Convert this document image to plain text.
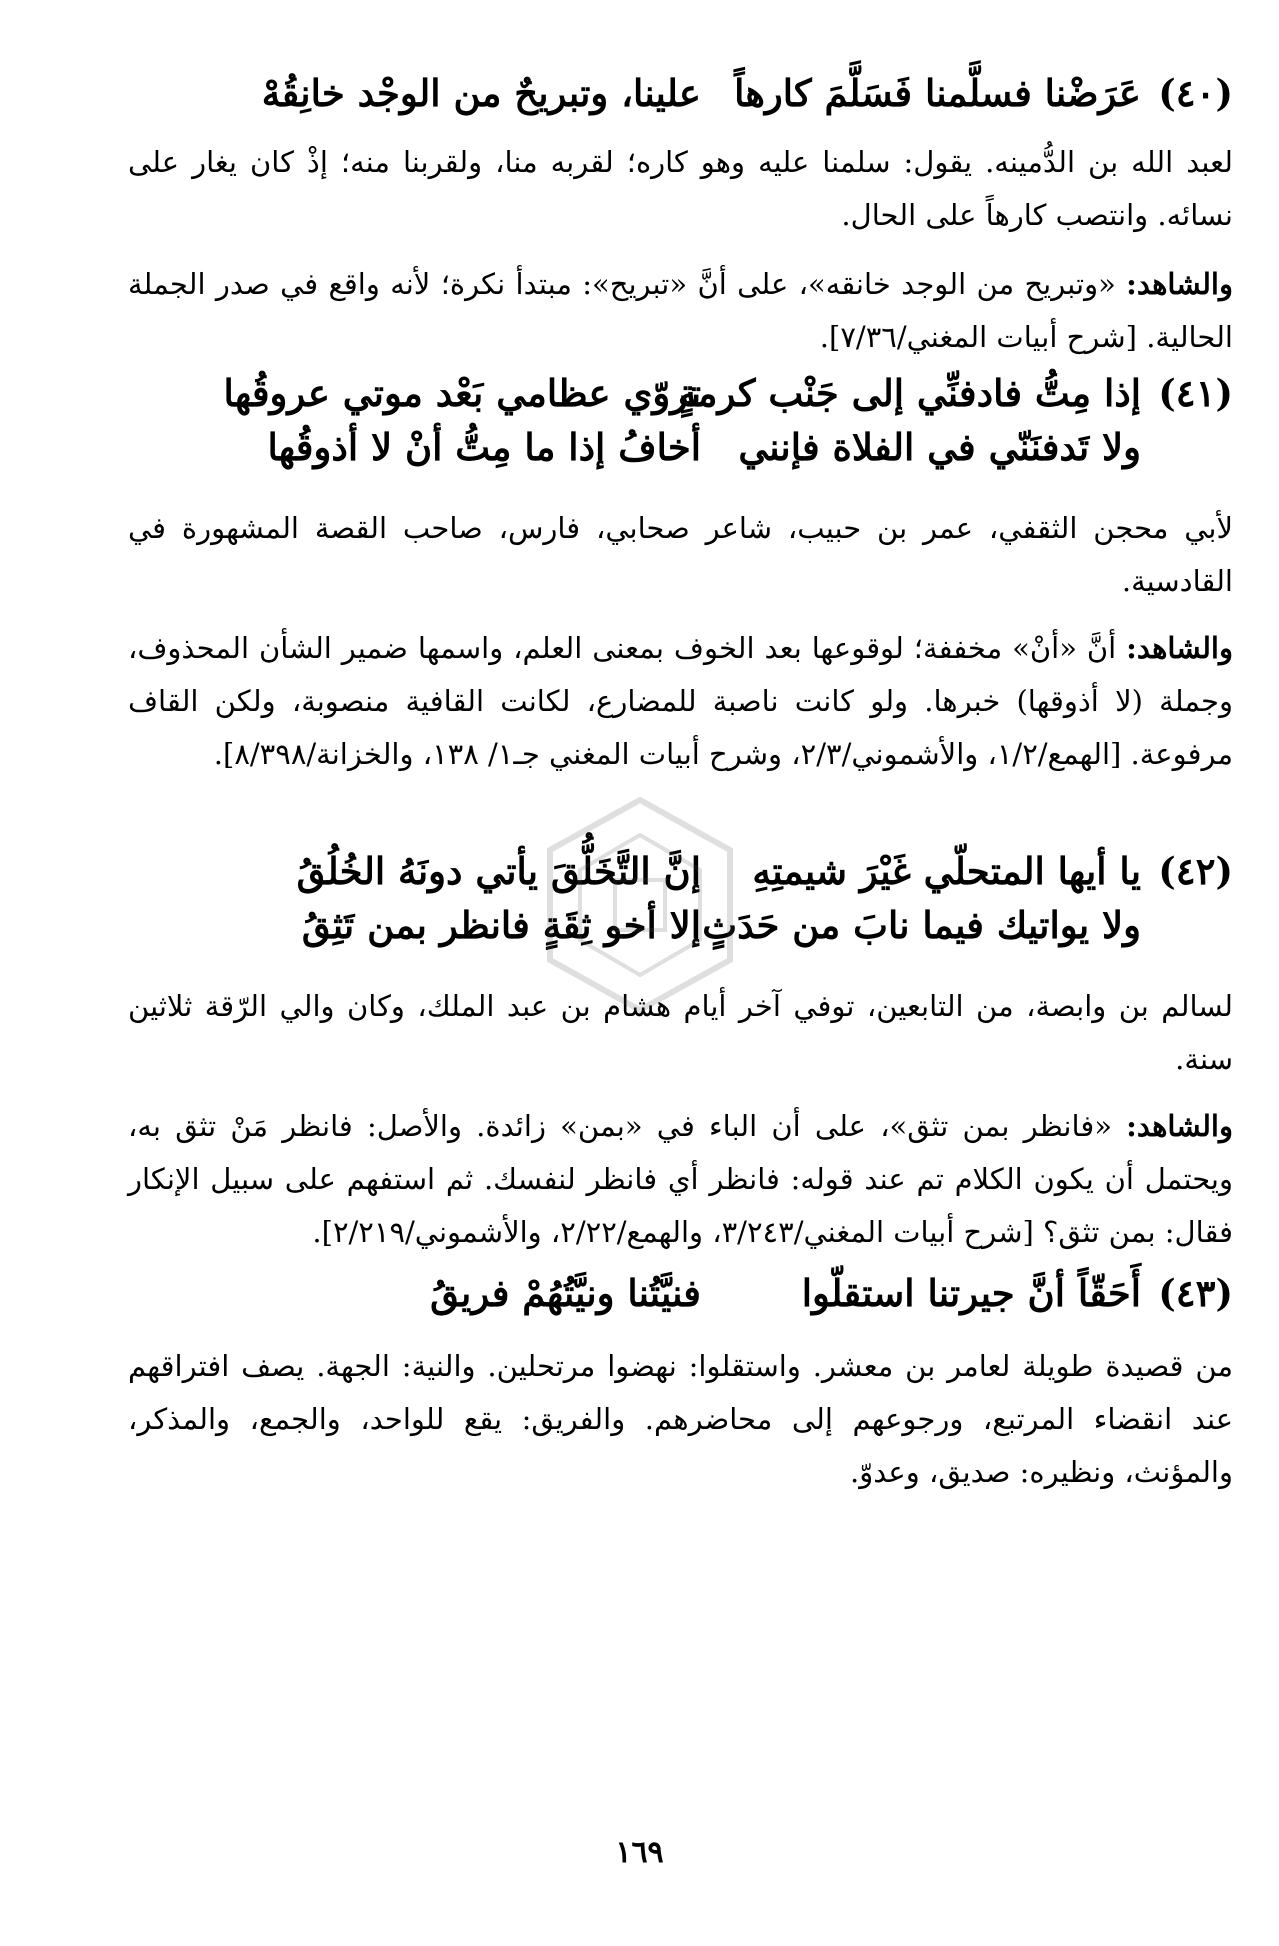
(٤٠)
عَرَضْنا فسلَّمنا فَسَلَّمَ كارهاً
علينا، وتبريحٌ من الوجْد خانِقُهْ

لعبد الله بن الدُّمينه. يقول: سلمنا عليه وهو كاره؛ لقربه منا، ولقربنا منه؛ إذْ كان يغار على نسائه. وانتصب كارهاً على الحال.

والشاهد: «وتبريح من الوجد خانقه»، على أنَّ «تبريح»: مبتدأ نكرة؛ لأنه واقع في صدر الجملة الحالية. [شرح أبيات المغني/٧/٣٦].

(٤١)
إذا مِتُّ فادفنِّي إلى جَنْب كرمةٍ
تروّي عظامي بَعْد موتي عروقُها
ولا تَدفنَنّي في الفلاة فإنني
أخافُ إذا ما مِتُّ أنْ لا أذوقُها

لأبي محجن الثقفي، عمر بن حبيب، شاعر صحابي، فارس، صاحب القصة المشهورة في القادسية.

والشاهد: أنَّ «أنْ» مخففة؛ لوقوعها بعد الخوف بمعنى العلم، واسمها ضمير الشأن المحذوف، وجملة (لا أذوقها) خبرها. ولو كانت ناصبة للمضارع، لكانت القافية منصوبة، ولكن القاف مرفوعة. [الهمع/١/٢، والأشموني/٢/٣، وشرح أبيات المغني جـ١/ ١٣٨، والخزانة/٨/٣٩٨].

(٤٢)
يا أيها المتحلّي غَيْرَ شيمتِهِ
إنَّ التَّخَلُّقَ يأتي دونَهُ الخُلُقُ
ولا يواتيك فيما نابَ من حَدَثٍ
إلا أخو ثِقَةٍ فانظر بمن تَثِقُ

لسالم بن وابصة، من التابعين، توفي آخر أيام هشام بن عبد الملك، وكان والي الرّقة ثلاثين سنة.

والشاهد: «فانظر بمن تثق»، على أن الباء في «بمن» زائدة. والأصل: فانظر مَنْ تثق به، ويحتمل أن يكون الكلام تم عند قوله: فانظر أي فانظر لنفسك. ثم استفهم على سبيل الإنكار فقال: بمن تثق؟ [شرح أبيات المغني/٣/٢٤٣، والهمع/٢/٢٢، والأشموني/٢/٢١٩].

(٤٣)
أَحَقّاً أنَّ جيرتنا استقلّوا
فنيَّتُنا ونيَّتُهُمْ فريقُ

من قصيدة طويلة لعامر بن معشر. واستقلوا: نهضوا مرتحلين. والنية: الجهة. يصف افتراقهم عند انقضاء المرتبع، ورجوعهم إلى محاضرهم. والفريق: يقع للواحد، والجمع، والمذكر، والمؤنث، ونظيره: صديق، وعدوّ.

١٦٩
